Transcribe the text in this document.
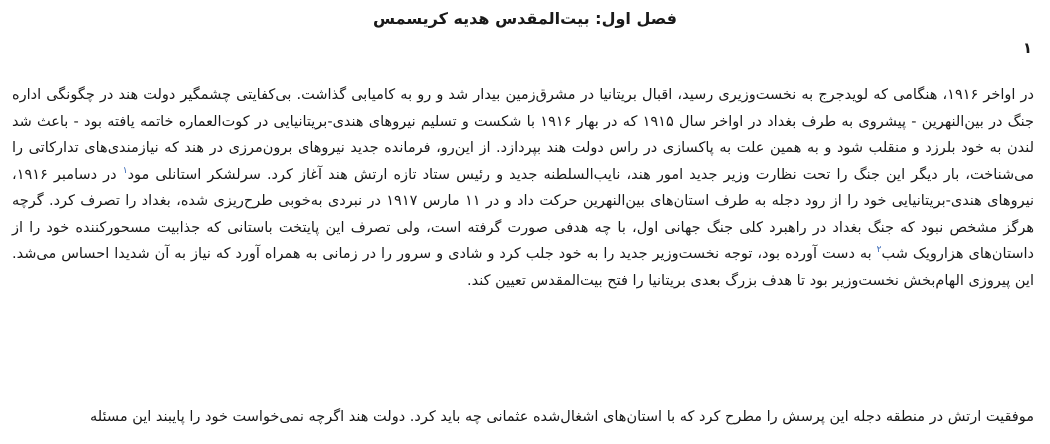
فصل اول: بیت‌المقدس هدیه کریسمس
۱

در اواخر ۱۹۱۶، هنگامی که لویدجرج به نخست‌وزیری رسید، اقبال بریتانیا در مشرق‌زمین بیدار شد و رو به کامیابی گذاشت. بی‌کفایتی چشمگیر دولت هند در چگونگی اداره جنگ در بین‌النهرین - پیشروی به طرف بغداد در اواخر سال ۱۹۱۵ که در بهار ۱۹۱۶ با شکست و تسلیم نیروهای هندی-بریتانیایی در کوت‌العماره خاتمه یافته بود - باعث شد لندن به خود بلرزد و منقلب شود و به همین علت به پاکسازی در راس دولت هند بپردازد. از این‌رو، فرمانده جدید نیروهای برون‌مرزی در هند که نیازمندی‌های تدارکاتی را می‌شناخت، بار دیگر این جنگ را تحت نظارت وزیر جدید امور هند، نایب‌السلطنه جدید و رئیس ستاد تازه ارتش هند آغاز کرد. سرلشکر استانلی مود$^۱$ در دسامبر ۱۹۱۶، نیروهای هندی-بریتانیایی خود را از رود دجله به طرف استان‌های بین‌النهرین حرکت داد و در ۱۱ مارس ۱۹۱۷ در نبردی به‌خوبی طرح‌ریزی شده، بغداد را تصرف کرد. گرچه هرگز مشخص نبود که جنگ بغداد در راهبرد کلی جنگ جهانی اول، با چه هدفی صورت گرفته است، ولی تصرف این پایتخت باستانی که جذابیت مسحورکننده خود را از داستان‌های هزارویک شب$^۲$ به دست آورده بود، توجه نخست‌وزیر جدید را به خود جلب کرد و شادی و سرور را در زمانی به همراه آورد که نیاز به آن شدیدا احساس می‌شد. این پیروزی الهام‌بخش نخست‌وزیر بود تا هدف بزرگ بعدی بریتانیا را فتح بیت‌المقدس تعیین کند.

موفقیت ارتش در منطقه دجله این پرسش را مطرح کرد که با استان‌های اشغال‌شده عثمانی چه باید کرد. دولت هند اگرچه نمی‌خواست خود را پایبند این مسئله
